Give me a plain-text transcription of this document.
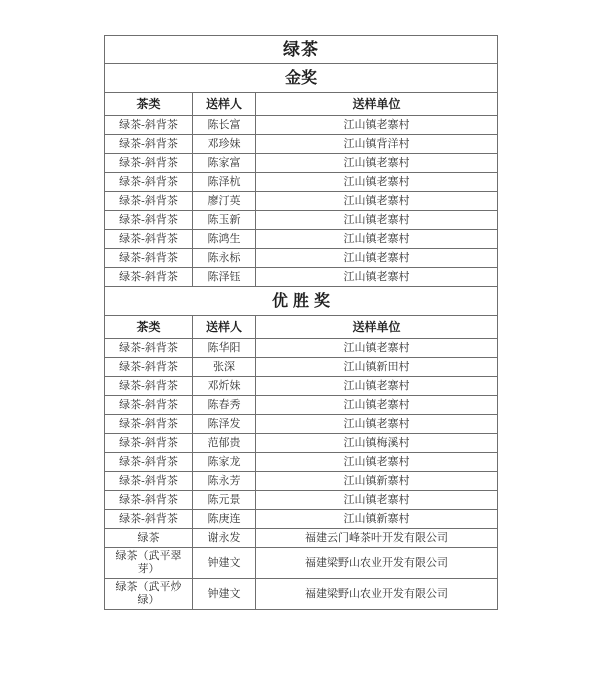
绿茶		
金奖		
茶类	送样人	送样单位
绿茶-斜背茶	陈长富	江山镇老寨村
绿茶-斜背茶	邓珍妹	江山镇背洋村
绿茶-斜背茶	陈家富	江山镇老寨村
绿茶-斜背茶	陈泽杭	江山镇老寨村
绿茶-斜背茶	廖汀英	江山镇老寨村
绿茶-斜背茶	陈玉新	江山镇老寨村
绿茶-斜背茶	陈鸿生	江山镇老寨村
绿茶-斜背茶	陈永标	江山镇老寨村
绿茶-斜背茶	陈泽钰	江山镇老寨村
优胜奖		
茶类	送样人	送样单位
绿茶-斜背茶	陈华阳	江山镇老寨村
绿茶-斜背茶	张深	江山镇新田村
绿茶-斜背茶	邓炘妹	江山镇老寨村
绿茶-斜背茶	陈春秀	江山镇老寨村
绿茶-斜背茶	陈泽发	江山镇老寨村
绿茶-斜背茶	范郁贵	江山镇梅溪村
绿茶-斜背茶	陈家龙	江山镇老寨村
绿茶-斜背茶	陈永芳	江山镇新寨村
绿茶-斜背茶	陈元景	江山镇老寨村
绿茶-斜背茶	陈庚连	江山镇新寨村
绿茶	谢永发	福建云门峰茶叶开发有限公司
绿茶（武平翠芽）	钟建文	福建梁野山农业开发有限公司
绿茶（武平炒绿）	钟建文	福建梁野山农业开发有限公司
